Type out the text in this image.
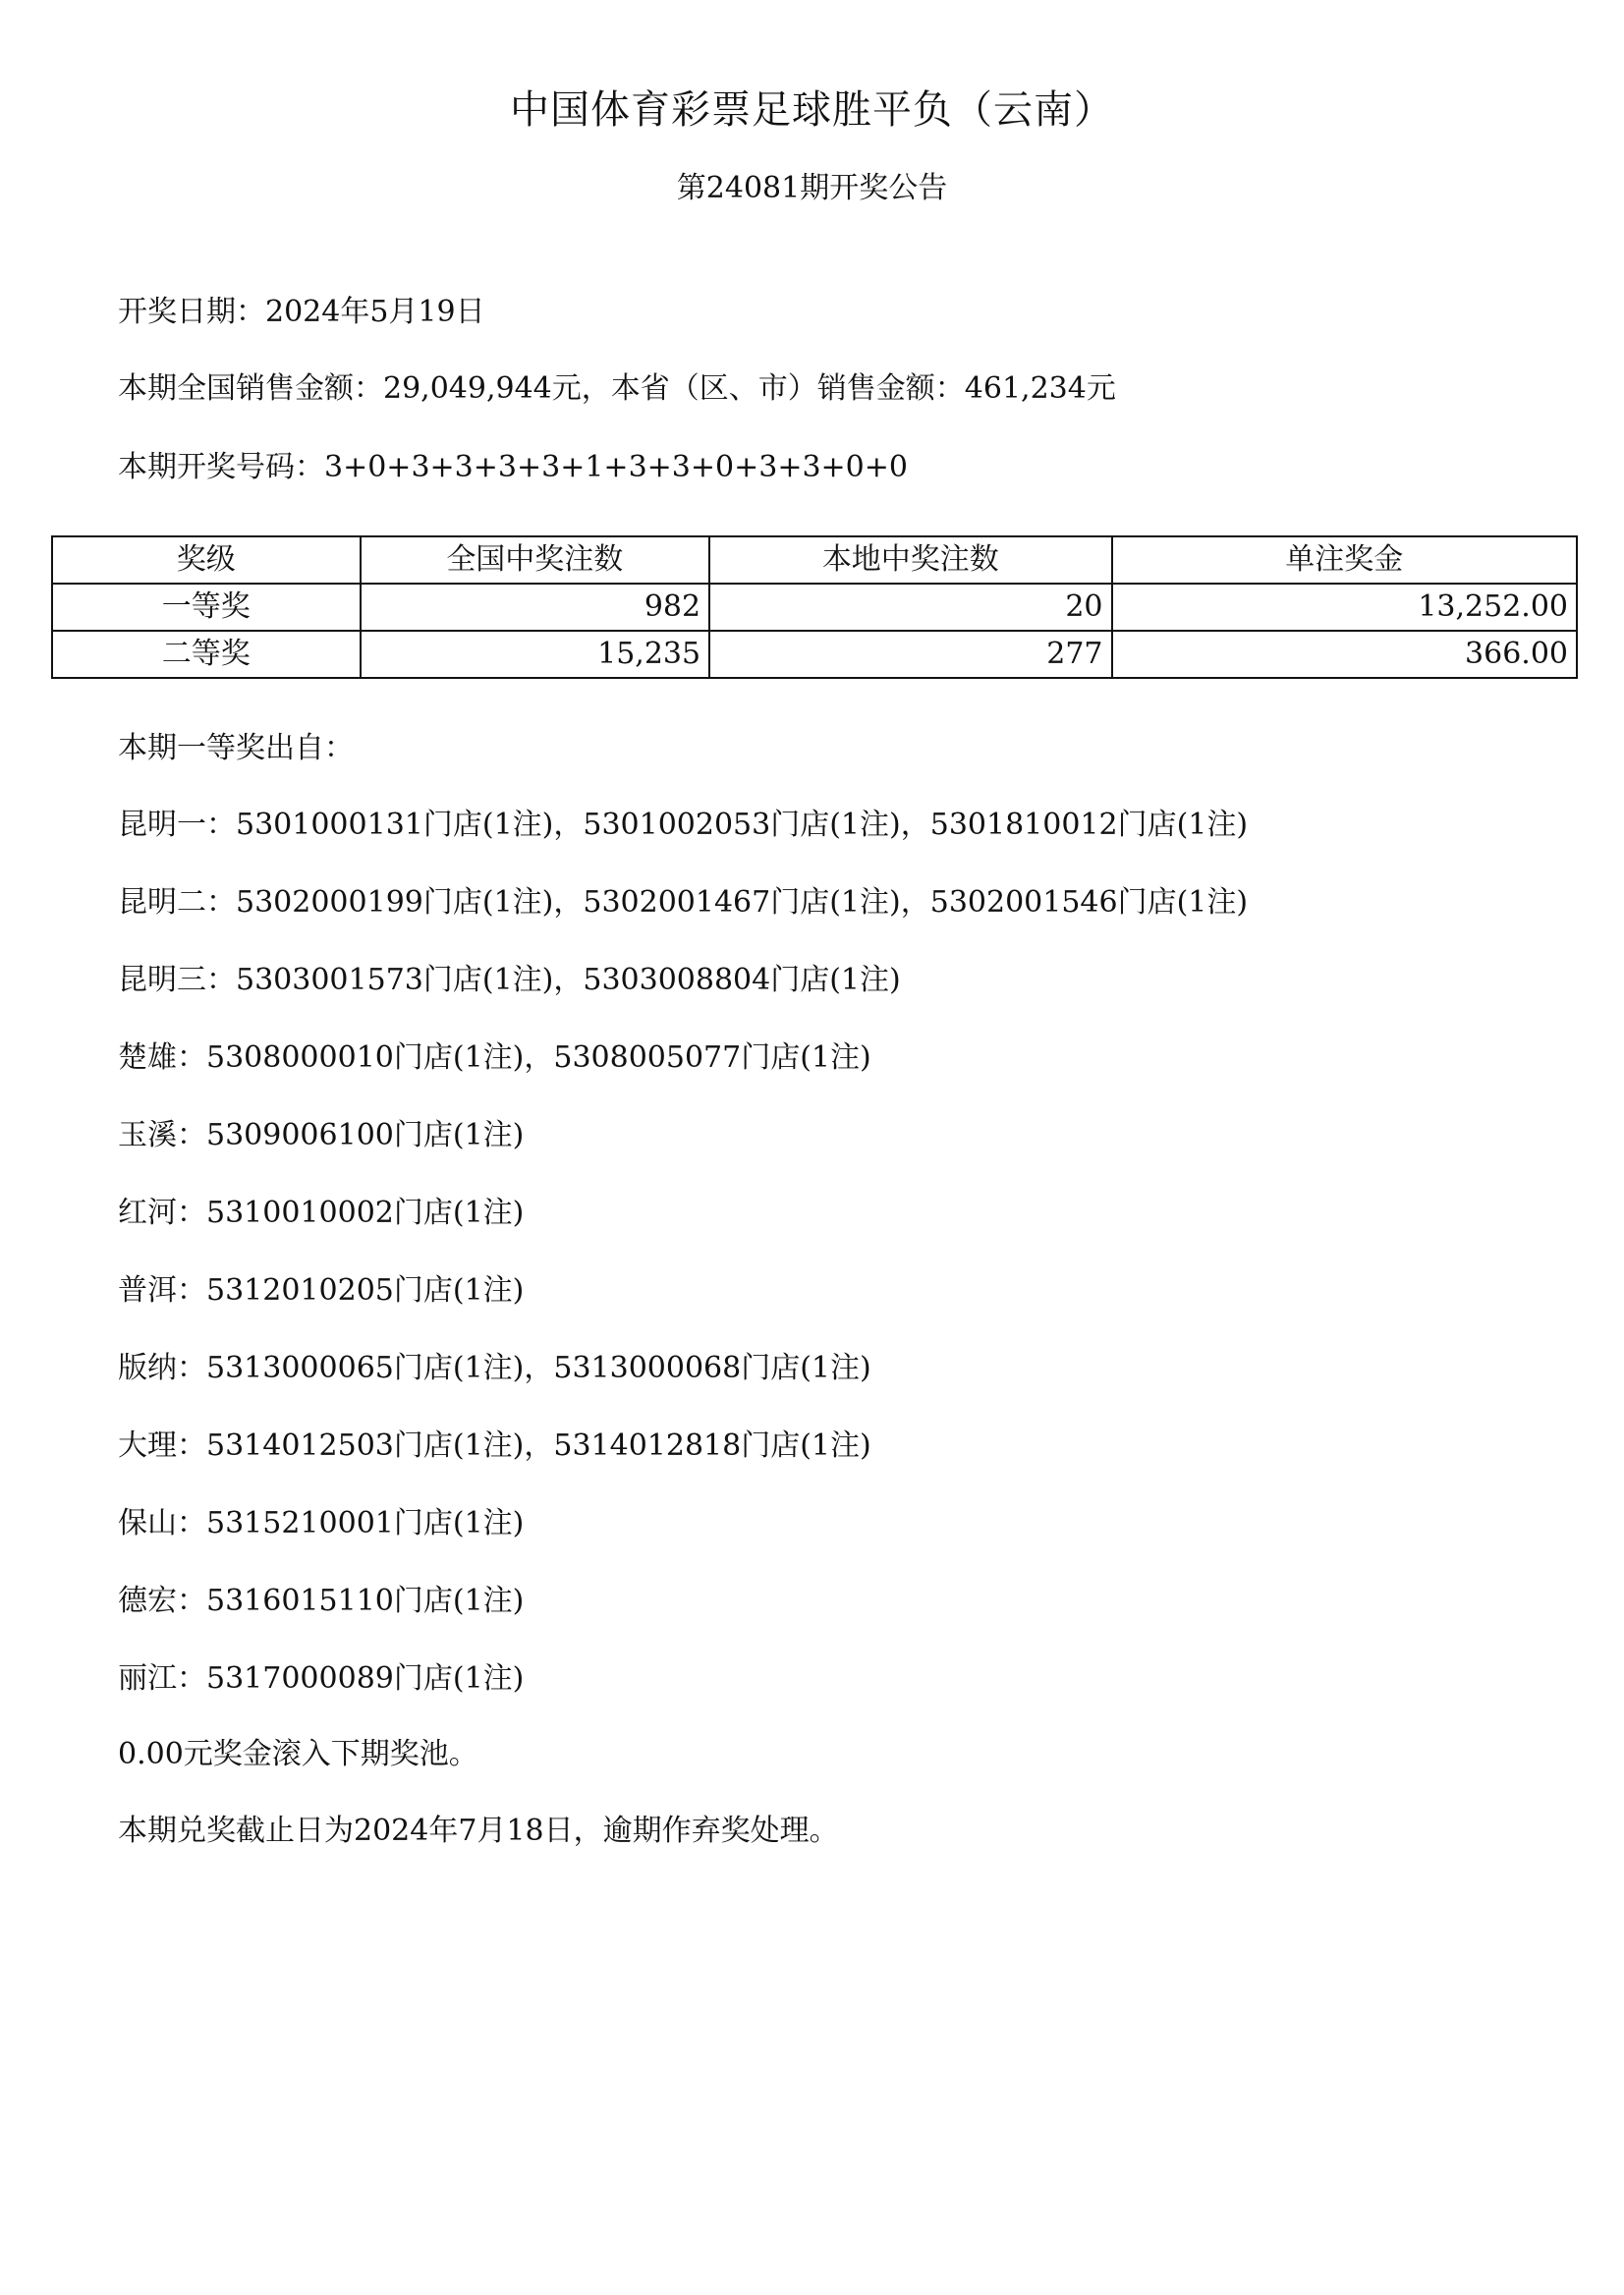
中国体育彩票足球胜平负（云南）
第24081期开奖公告
开奖日期：2024年5月19日
本期全国销售金额：29,049,944元，本省（区、市）销售金额：461,234元
本期开奖号码：3+0+3+3+3+3+1+3+3+0+3+3+0+0
奖级	全国中奖注数	本地中奖注数	单注奖金
一等奖	982	20	13,252.00
二等奖	15,235	277	366.00
本期一等奖出自：
昆明一：5301000131门店(1注)，5301002053门店(1注)，5301810012门店(1注)
昆明二：5302000199门店(1注)，5302001467门店(1注)，5302001546门店(1注)
昆明三：5303001573门店(1注)，5303008804门店(1注)
楚雄：5308000010门店(1注)，5308005077门店(1注)
玉溪：5309006100门店(1注)
红河：5310010002门店(1注)
普洱：5312010205门店(1注)
版纳：5313000065门店(1注)，5313000068门店(1注)
大理：5314012503门店(1注)，5314012818门店(1注)
保山：5315210001门店(1注)
德宏：5316015110门店(1注)
丽江：5317000089门店(1注)
0.00元奖金滚入下期奖池。
本期兑奖截止日为2024年7月18日，逾期作弃奖处理。
